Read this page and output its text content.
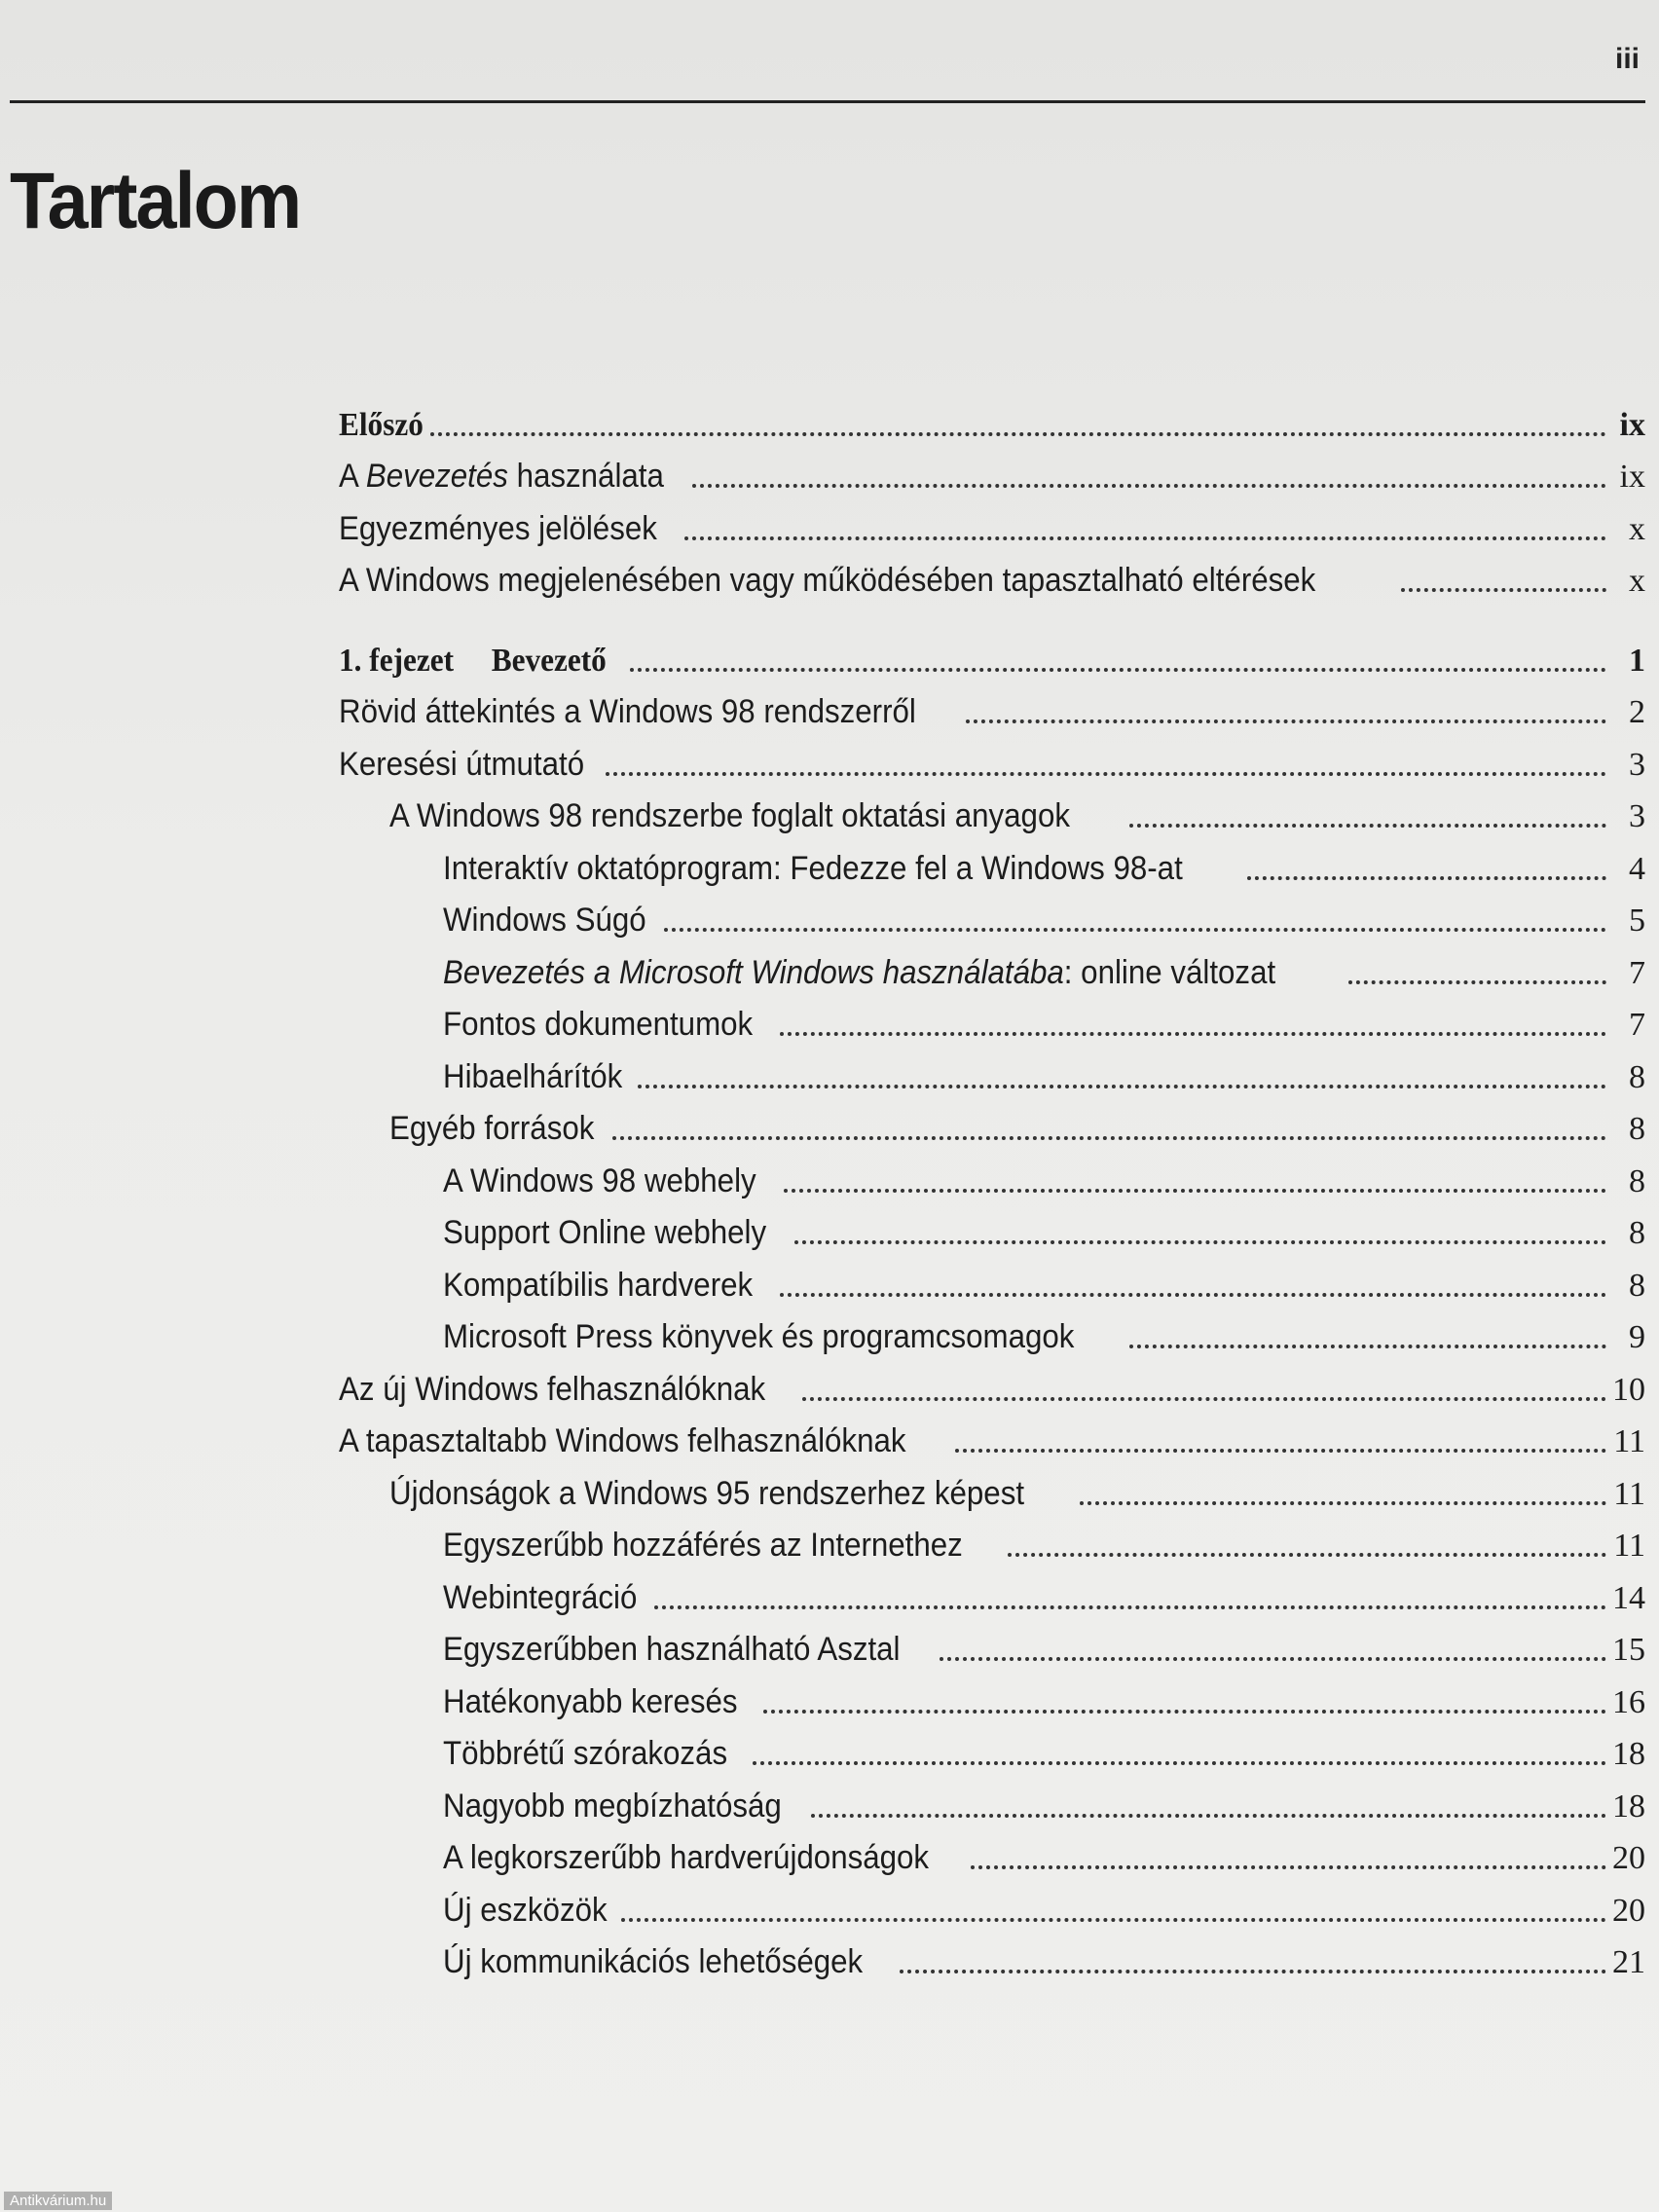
iii
Tartalom
Előszó	ix
A Bevezetés használata	ix
Egyezményes jelölések	x
A Windows megjelenésében vagy működésében tapasztalható eltérések	x
1. fejezet Bevezető	1
Rövid áttekintés a Windows 98 rendszerről	2
Keresési útmutató	3
A Windows 98 rendszerbe foglalt oktatási anyagok	3
Interaktív oktatóprogram: Fedezze fel a Windows 98-at	4
Windows Súgó	5
Bevezetés a Microsoft Windows használatába: online változat	7
Fontos dokumentumok	7
Hibaelhárítók	8
Egyéb források	8
A Windows 98 webhely	8
Support Online webhely	8
Kompatíbilis hardverek	8
Microsoft Press könyvek és programcsomagok	9
Az új Windows felhasználóknak	10
A tapasztaltabb Windows felhasználóknak	11
Újdonságok a Windows 95 rendszerhez képest	11
Egyszerűbb hozzáférés az Internethez	11
Webintegráció	14
Egyszerűbben használható Asztal	15
Hatékonyabb keresés	16
Többrétű szórakozás	18
Nagyobb megbízhatóság	18
A legkorszerűbb hardverújdonságok	20
Új eszközök	20
Új kommunikációs lehetőségek	21
Antikvárium.hu
